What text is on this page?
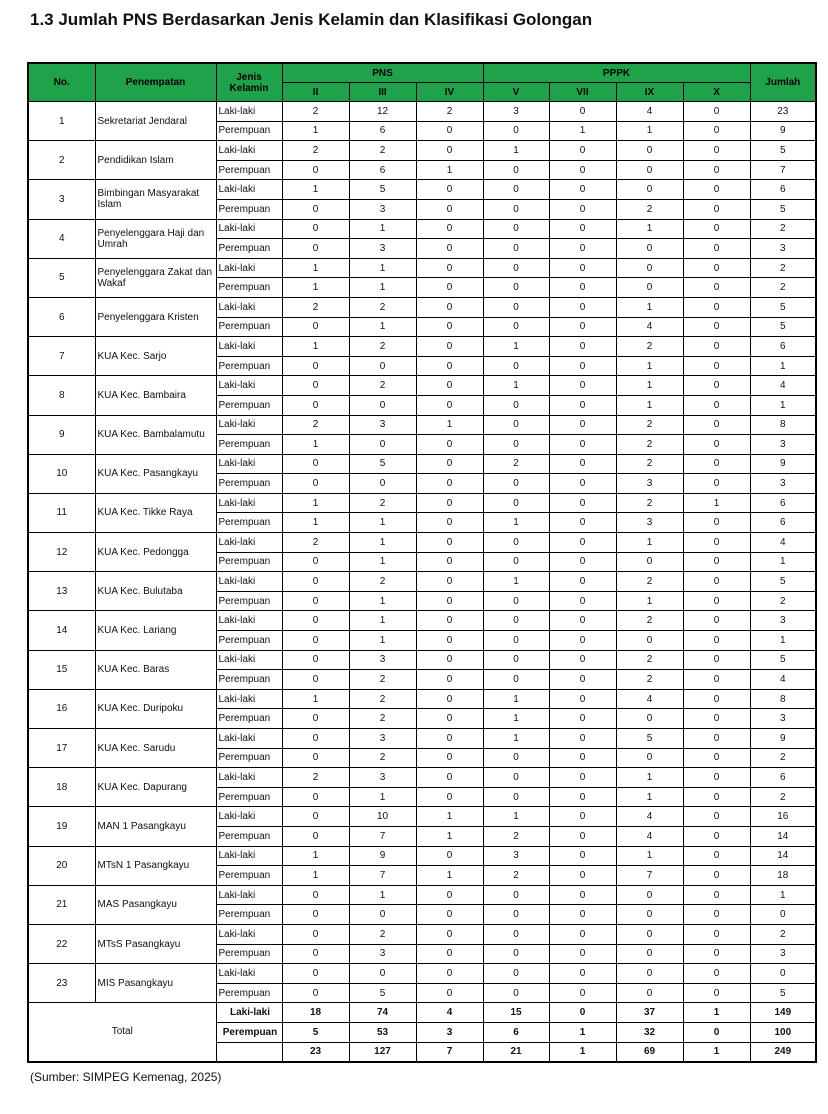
1.3 Jumlah PNS Berdasarkan Jenis Kelamin dan Klasifikasi Golongan
No.	Penempatan	Jenis Kelamin	PNS			PPPK				Jumlah
			II	III	IV	V	VII	IX	X	
1	Sekretariat Jendaral	Laki-laki	2	12	2	3	0	4	0	23
		Perempuan	1	6	0	0	1	1	0	9
2	Pendidikan Islam	Laki-laki	2	2	0	1	0	0	0	5
		Perempuan	0	6	1	0	0	0	0	7
3	Bimbingan Masyarakat Islam	Laki-laki	1	5	0	0	0	0	0	6
		Perempuan	0	3	0	0	0	2	0	5
4	Penyelenggara Haji dan Umrah	Laki-laki	0	1	0	0	0	1	0	2
		Perempuan	0	3	0	0	0	0	0	3
5	Penyelenggara Zakat dan Wakaf	Laki-laki	1	1	0	0	0	0	0	2
		Perempuan	1	1	0	0	0	0	0	2
6	Penyelenggara Kristen	Laki-laki	2	2	0	0	0	1	0	5
		Perempuan	0	1	0	0	0	4	0	5
7	KUA Kec. Sarjo	Laki-laki	1	2	0	1	0	2	0	6
		Perempuan	0	0	0	0	0	1	0	1
8	KUA Kec. Bambaira	Laki-laki	0	2	0	1	0	1	0	4
		Perempuan	0	0	0	0	0	1	0	1
9	KUA Kec. Bambalamutu	Laki-laki	2	3	1	0	0	2	0	8
		Perempuan	1	0	0	0	0	2	0	3
10	KUA Kec. Pasangkayu	Laki-laki	0	5	0	2	0	2	0	9
		Perempuan	0	0	0	0	0	3	0	3
11	KUA Kec. Tikke Raya	Laki-laki	1	2	0	0	0	2	1	6
		Perempuan	1	1	0	1	0	3	0	6
12	KUA Kec. Pedongga	Laki-laki	2	1	0	0	0	1	0	4
		Perempuan	0	1	0	0	0	0	0	1
13	KUA Kec. Bulutaba	Laki-laki	0	2	0	1	0	2	0	5
		Perempuan	0	1	0	0	0	1	0	2
14	KUA Kec. Lariang	Laki-laki	0	1	0	0	0	2	0	3
		Perempuan	0	1	0	0	0	0	0	1
15	KUA Kec. Baras	Laki-laki	0	3	0	0	0	2	0	5
		Perempuan	0	2	0	0	0	2	0	4
16	KUA Kec. Duripoku	Laki-laki	1	2	0	1	0	4	0	8
		Perempuan	0	2	0	1	0	0	0	3
17	KUA Kec. Sarudu	Laki-laki	0	3	0	1	0	5	0	9
		Perempuan	0	2	0	0	0	0	0	2
18	KUA Kec. Dapurang	Laki-laki	2	3	0	0	0	1	0	6
		Perempuan	0	1	0	0	0	1	0	2
19	MAN 1 Pasangkayu	Laki-laki	0	10	1	1	0	4	0	16
		Perempuan	0	7	1	2	0	4	0	14
20	MTsN 1 Pasangkayu	Laki-laki	1	9	0	3	0	1	0	14
		Perempuan	1	7	1	2	0	7	0	18
21	MAS Pasangkayu	Laki-laki	0	1	0	0	0	0	0	1
		Perempuan	0	0	0	0	0	0	0	0
22	MTsS Pasangkayu	Laki-laki	0	2	0	0	0	0	0	2
		Perempuan	0	3	0	0	0	0	0	3
23	MIS Pasangkayu	Laki-laki	0	0	0	0	0	0	0	0
		Perempuan	0	5	0	0	0	0	0	5
Total		Laki-laki	18	74	4	15	0	37	1	149
		Perempuan	5	53	3	6	1	32	0	100
			23	127	7	21	1	69	1	249
(Sumber: SIMPEG Kemenag, 2025)
